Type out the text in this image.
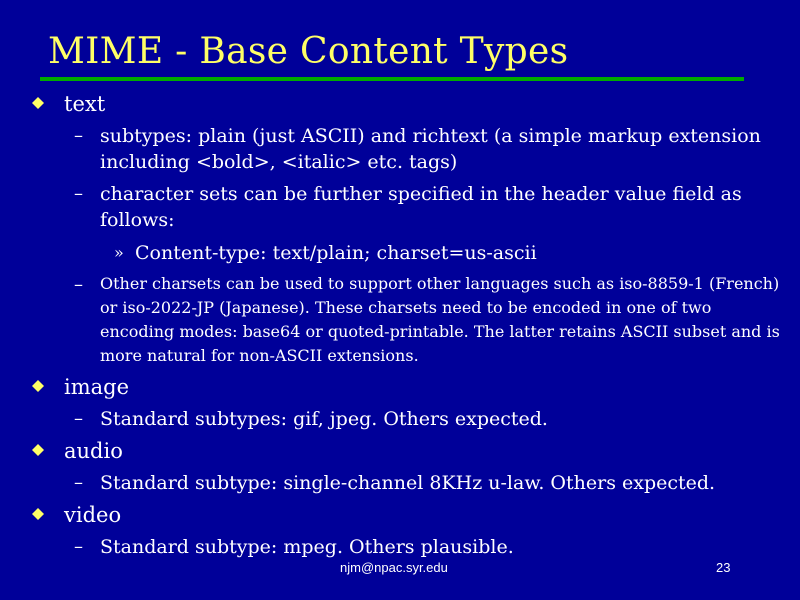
MIME - Base Content Types
text
– subtypes: plain (just ASCII) and richtext (a simple markup extension including <bold>, <italic> etc. tags)
– character sets can be further specified in the header value field as follows:
» Content-type: text/plain; charset=us-ascii
– Other charsets can be used to support other languages such as iso-8859-1 (French) or iso-2022-JP (Japanese). These charsets need to be encoded in one of two encoding modes: base64 or quoted-printable. The latter retains ASCII subset and is more natural for non-ASCII extensions.
image
– Standard subtypes: gif, jpeg. Others expected.
audio
– Standard subtype: single-channel 8KHz u-law. Others expected.
video
– Standard subtype: mpeg. Others plausible.
njm@npac.syr.edu	23
